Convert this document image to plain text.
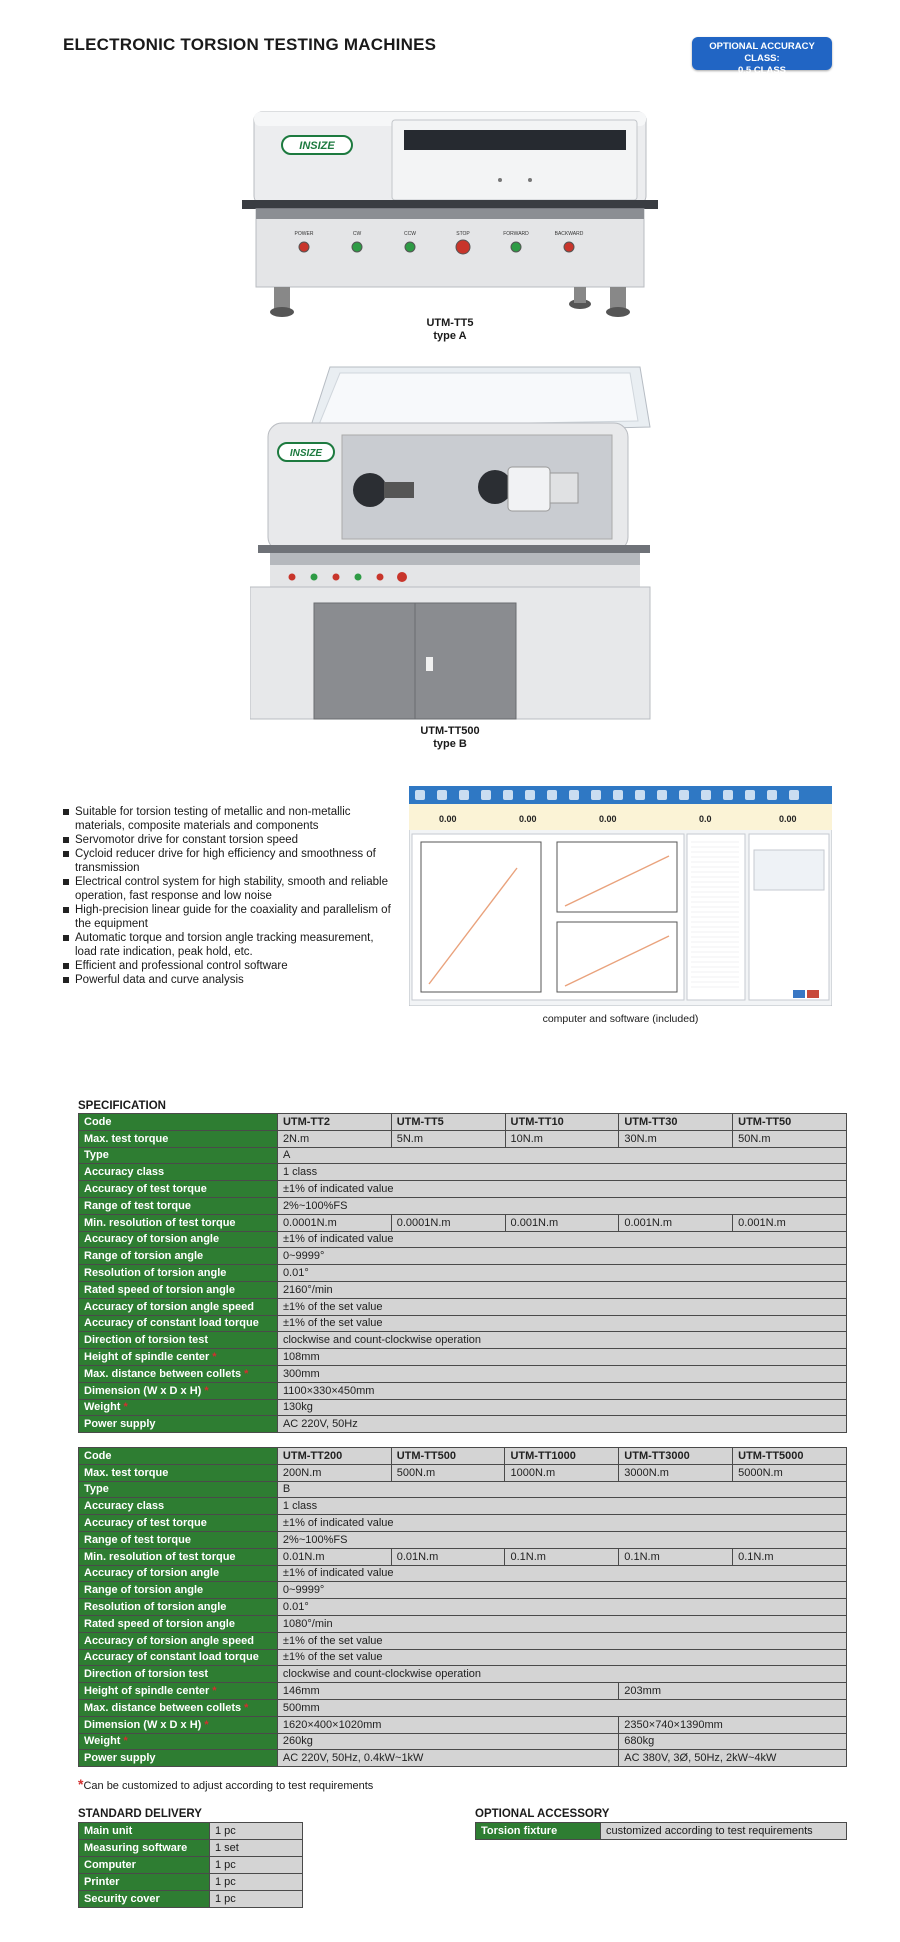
ELECTRONIC TORSION TESTING MACHINES	OPTIONAL ACCURACY CLASS:
0.5 CLASS
INSIZE
POWER	CW	CCW	STOP	FORWARD	BACKWARD
UTM-TT5
type A
INSIZE
UTM-TT500
type B
Suitable for torsion testing of metallic and non-metallic materials, composite materials and components
Servomotor drive for constant torsion speed
Cycloid reducer drive for high efficiency and smoothness of transmission
Electrical control system for high stability, smooth and reliable operation, fast response and low noise
High-precision linear guide for the coaxiality and parallelism of the equipment
Automatic torque and torsion angle tracking measurement, load rate indication, peak hold, etc.
Efficient and professional control software
Powerful data and curve analysis
0.00	0.00	0.00	0.0	0.00
computer and software (included)
SPECIFICATION
Code	UTM-TT2	UTM-TT5	UTM-TT10	UTM-TT30	UTM-TT50
Max. test torque	2N.m	5N.m	10N.m	30N.m	50N.m
Type	A				
Accuracy class	1 class				
Accuracy of test torque	±1% of indicated value				
Range of test torque	2%~100%FS				
Min. resolution of test torque	0.0001N.m	0.0001N.m	0.001N.m	0.001N.m	0.001N.m
Accuracy of torsion angle	±1% of indicated value				
Range of torsion angle	0~9999°				
Resolution of torsion angle	0.01°				
Rated speed of torsion angle	2160°/min				
Accuracy of torsion angle speed	±1% of the set value				
Accuracy of constant load torque	±1% of the set value				
Direction of torsion test	clockwise and count-clockwise operation				
Height of spindle center *	108mm				
Max. distance between collets *	300mm				
Dimension (W x D x H) *	1100×330×450mm				
Weight *	130kg				
Power supply	AC 220V, 50Hz				
Code	UTM-TT200	UTM-TT500	UTM-TT1000	UTM-TT3000	UTM-TT5000
Max. test torque	200N.m	500N.m	1000N.m	3000N.m	5000N.m
Type	B				
Accuracy class	1 class				
Accuracy of test torque	±1% of indicated value				
Range of test torque	2%~100%FS				
Min. resolution of test torque	0.01N.m	0.01N.m	0.1N.m	0.1N.m	0.1N.m
Accuracy of torsion angle	±1% of indicated value				
Range of torsion angle	0~9999°				
Resolution of torsion angle	0.01°				
Rated speed of torsion angle	1080°/min				
Accuracy of torsion angle speed	±1% of the set value				
Accuracy of constant load torque	±1% of the set value				
Direction of torsion test	clockwise and count-clockwise operation				
Height of spindle center *	146mm			203mm	
Max. distance between collets *	500mm				
Dimension (W x D x H) *	1620×400×1020mm			2350×740×1390mm	
Weight *	260kg			680kg	
Power supply	AC 220V, 50Hz, 0.4kW~1kW			AC 380V, 3Ø, 50Hz, 2kW~4kW	
*Can be customized to adjust according to test requirements
STANDARD DELIVERY
Main unit	1 pc
Measuring software	1 set
Computer	1 pc
Printer	1 pc
Security cover	1 pc
OPTIONAL ACCESSORY
Torsion fixture	customized according to test requirements
